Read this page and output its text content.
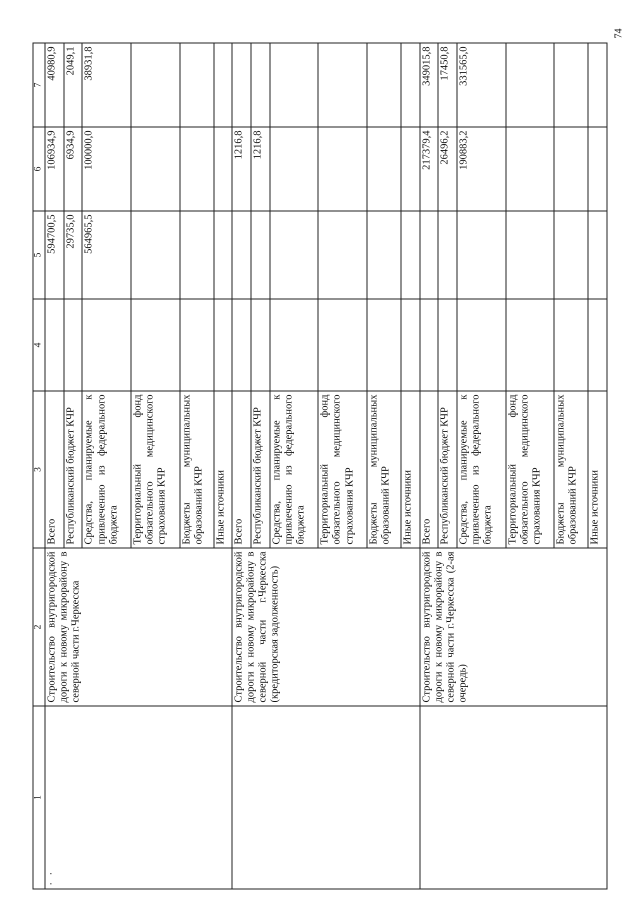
74
1	2	3	4	5	6	7
· ·	Строительство внутригородской дороги к новому микрорайону в северной части г.Черкесска	Всего		594700,5	106934,9	40980,9
		Республиканский бюджет КЧР		29735,0	6934,9	2049,1
		Средства, планируемые к привлечению из федерального бюджета		564965,5	100000,0	38931,8
		Территориальный фонд обязательного медицинского страхования КЧР				
		Бюджеты муниципальных образований КЧР				
		Иные источники				
	Строительство внутригородской дороги к новому микрорайону в северной части г.Черкесска (кредиторская задолженность)	Всего			1216,8	
		Республиканский бюджет КЧР			1216,8	
		Средства, планируемые к привлечению из федерального бюджета				
		Территориальный фонд обязательного медицинского страхования КЧР				
		Бюджеты муниципальных образований КЧР				
		Иные источники				
	Строительство внутригородской дороги к новому микрорайону в северной части г.Черкесска (2-ая очередь)	Всего			217379,4	349015,8
		Республиканский бюджет КЧР			26496,2	17450,8
		Средства, планируемые к привлечению из федерального бюджета			190883,2	331565,0
		Территориальный фонд обязательного медицинского страхования КЧР				
		Бюджеты муниципальных образований КЧР				
		Иные источники				
